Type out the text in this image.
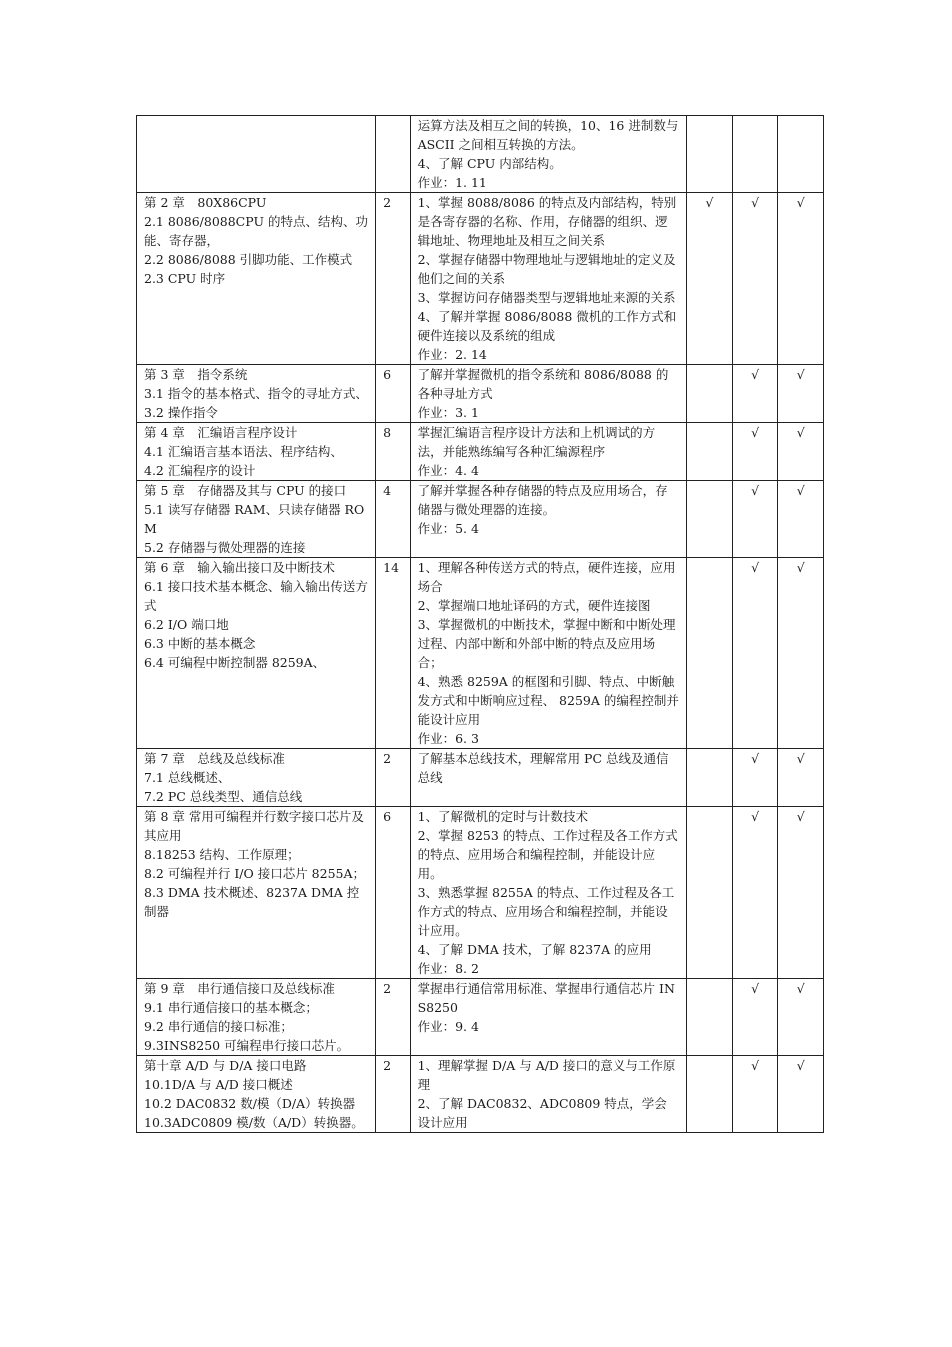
		运算方法及相互之间的转换，10、16 进制数与 ASCII 之间相互转换的方法。
4、了解 CPU 内部结构。
作业：1. 11			

第 2 章　80X86CPU
2.1 8086/8088CPU 的特点、结构、功能、寄存器，
2.2 8086/8088 引脚功能、工作模式
2.3 CPU 时序	2	1、掌握 8088/8086 的特点及内部结构，特别是各寄存器的名称、作用，存储器的组织、逻辑地址、物理地址及相互之间关系
2、掌握存储器中物理地址与逻辑地址的定义及他们之间的关系
3、掌握访问存储器类型与逻辑地址来源的关系
4、了解并掌握 8086/8088 微机的工作方式和硬件连接以及系统的组成
作业：2. 14	√	√	√

第 3 章　指令系统
3.1 指令的基本格式、指令的寻址方式、
3.2 操作指令	6	了解并掌握微机的指令系统和 8086/8088 的各种寻址方式
作业：3. 1		√	√

第 4 章　汇编语言程序设计
4.1 汇编语言基本语法、程序结构、
4.2 汇编程序的设计	8	掌握汇编语言程序设计方法和上机调试的方法，并能熟练编写各种汇编源程序
作业：4. 4		√	√

第 5 章　存储器及其与 CPU 的接口
5.1 读写存储器 RAM、只读存储器 ROM
5.2 存储器与微处理器的连接	4	了解并掌握各种存储器的特点及应用场合，存储器与微处理器的连接。
作业：5. 4		√	√

第 6 章　输入输出接口及中断技术
6.1 接口技术基本概念、输入输出传送方式
6.2 I/O 端口地
6.3 中断的基本概念
6.4 可编程中断控制器 8259A、	14	1、理解各种传送方式的特点，硬件连接，应用场合
2、掌握端口地址译码的方式，硬件连接图
3、掌握微机的中断技术，掌握中断和中断处理过程、内部中断和外部中断的特点及应用场合；
4、熟悉 8259A 的框图和引脚、特点、中断触发方式和中断响应过程、 8259A 的编程控制并能设计应用
作业：6. 3		√	√

第 7 章　总线及总线标准
7.1 总线概述、
7.2 PC 总线类型、通信总线	2	了解基本总线技术，理解常用 PC 总线及通信总线		√	√

第 8 章 常用可编程并行数字接口芯片及其应用
8.18253 结构、工作原理；
8.2 可编程并行 I/O 接口芯片 8255A；
8.3 DMA 技术概述、8237A DMA 控制器	6	1、了解微机的定时与计数技术
2、掌握 8253 的特点、工作过程及各工作方式的特点、应用场合和编程控制，并能设计应用。
3、熟悉掌握 8255A 的特点、工作过程及各工作方式的特点、应用场合和编程控制，并能设计应用。
4、了解 DMA 技术，了解 8237A 的应用
作业：8. 2		√	√

第 9 章　串行通信接口及总线标准
9.1 串行通信接口的基本概念；
9.2 串行通信的接口标准；
9.3INS8250 可编程串行接口芯片。	2	掌握串行通信常用标准、掌握串行通信芯片 INS8250
作业：9. 4		√	√

第十章 A/D 与 D/A 接口电路
10.1D/A 与 A/D 接口概述
10.2 DAC0832 数/模（D/A）转换器
10.3ADC0809 模/数（A/D）转换器。	2	1、理解掌握 D/A 与 A/D 接口的意义与工作原理
2、了解 DAC0832、ADC0809 特点，学会设计应用		√	√
